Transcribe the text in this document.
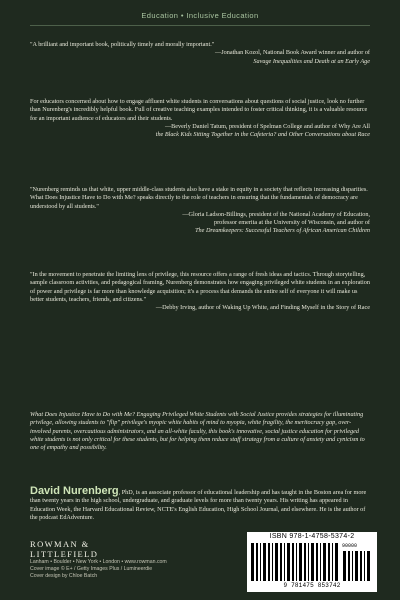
Education • Inclusive Education

"A brilliant and important book, politically timely and morally important."

—Jonathan Kozol, National Book Award winner and author of
Savage Inequalities and Death at an Early Age

For educators concerned about how to engage affluent white students in conversations about questions of social justice, look no further than Nurenberg's incredibly helpful book. Full of creative teaching examples intended to foster critical thinking, it is a valuable resource for an important audience of educators and their students.

—Beverly Daniel Tatum, president of Spelman College and author of Why Are All
the Black Kids Sitting Together in the Cafeteria? and Other Conversations about Race

"Nurenberg reminds us that white, upper middle-class students also have a stake in equity in a society that reflects increasing disparities. What Does Injustice Have to Do with Me? speaks directly to the role of teachers in ensuring that the fundamentals of democracy are understood by all students."

—Gloria Ladson-Billings, president of the National Academy of Education,
professor emerita at the University of Wisconsin, and author of
The Dreamkeepers: Successful Teachers of African American Children

"In the movement to penetrate the limiting lens of privilege, this resource offers a range of fresh ideas and tactics. Through storytelling, sample classroom activities, and pedagogical framing, Nurenberg demonstrates how engaging privileged white students in an exploration of power and privilege is far more than knowledge acquisition; it's a process that demands the entire self of everyone it will make us better students, teachers, friends, and citizens."

—Debby Irving, author of Waking Up White, and Finding Myself in the Story of Race

What Does Injustice Have to Do with Me? Engaging Privileged White Students with Social Justice provides strategies for illuminating privilege, allowing students to "flip" privilege's myopic white habits of mind to myopia, white fragility, the meritocracy gap, over-involved parents, overcautious administrators, and an all-white faculty, this book's innovative, social justice education for privileged white students is not only critical for these students, but for helping them reduce staff strategy from a culture of anxiety and cynicism to one of empathy and possibility.

David Nurenberg, PhD, is an associate professor of educational leadership and has taught in the Boston area for more than twenty years in the high school, undergraduate, and graduate levels for more than twenty years. His writing has appeared in Education Week, the Harvard Educational Review, NCTE's English Education, High School Journal, and elsewhere. He is the author of the podcast EdAdventure.
ROWMAN &
LITTLEFIELD
Lanham • Boulder • New York • London • www.rowman.com
Cover image © E+ / Getty Images Plus / Lumineerdie
Cover design by Chloe Batch
ISBN 978-1-4758-5374-2
90000
9 781475 853742
